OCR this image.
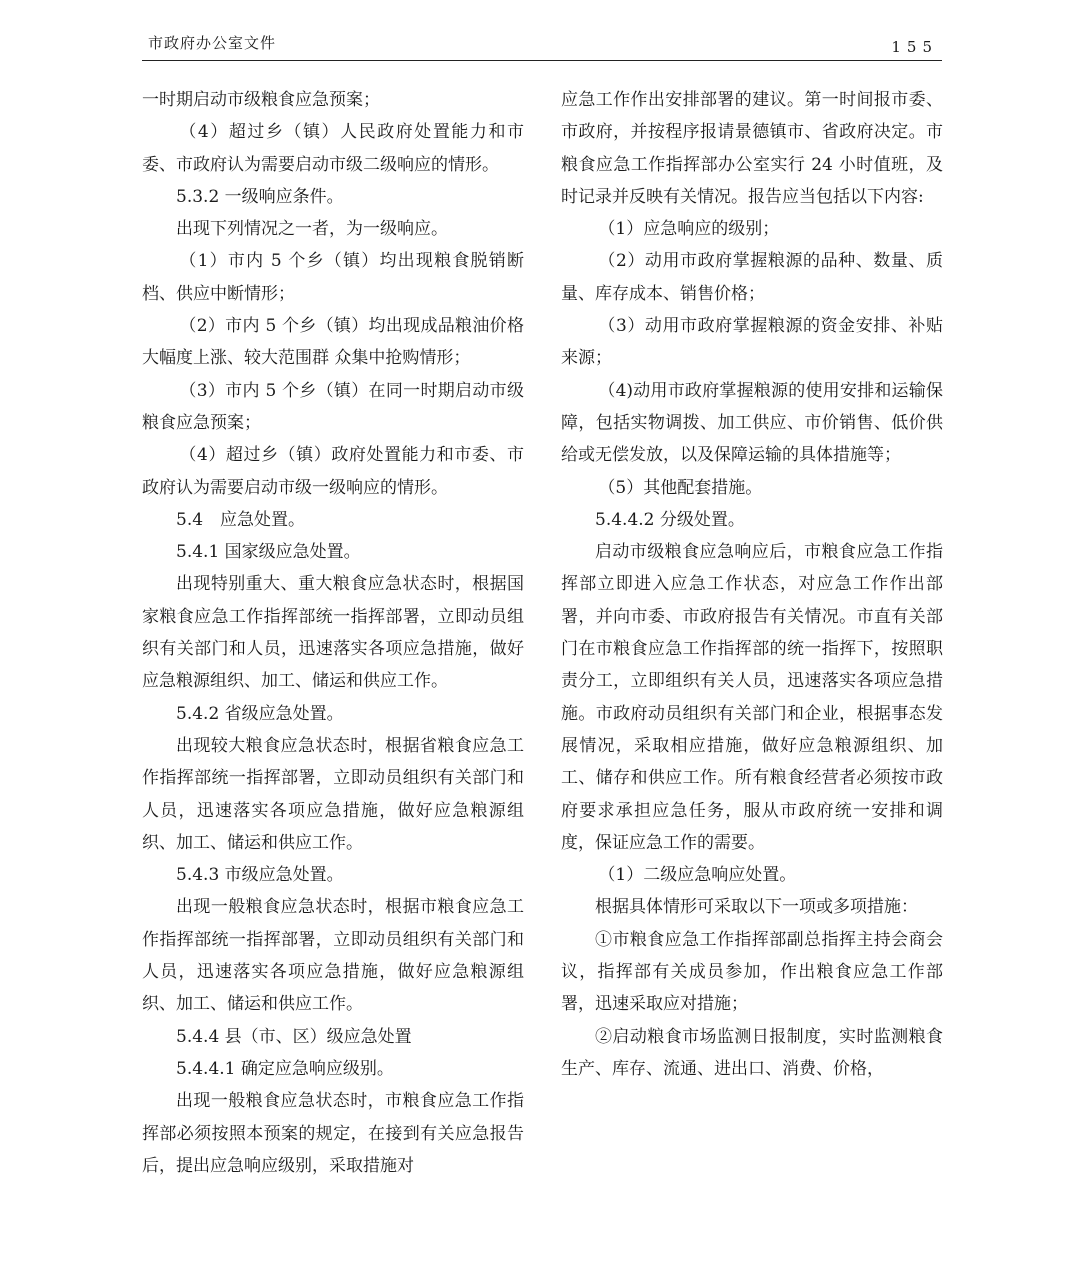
市政府办公室文件	155

一时期启动市级粮食应急预案；

（4）超过乡（镇）人民政府处置能力和市委、市政府认为需要启动市级二级响应的情形。

5.3.2 一级响应条件。

出现下列情况之一者，为一级响应。

（1）市内 5 个乡（镇）均出现粮食脱销断档、供应中断情形；

（2）市内 5 个乡（镇）均出现成品粮油价格大幅度上涨、较大范围群 众集中抢购情形；

（3）市内 5 个乡（镇）在同一时期启动市级粮食应急预案；

（4）超过乡（镇）政府处置能力和市委、市政府认为需要启动市级一级响应的情形。

5.4　应急处置。

5.4.1 国家级应急处置。

出现特别重大、重大粮食应急状态时，根据国家粮食应急工作指挥部统一指挥部署，立即动员组织有关部门和人员，迅速落实各项应急措施，做好应急粮源组织、加工、储运和供应工作。

5.4.2 省级应急处置。

出现较大粮食应急状态时，根据省粮食应急工作指挥部统一指挥部署，立即动员组织有关部门和人员，迅速落实各项应急措施，做好应急粮源组织、加工、储运和供应工作。

5.4.3 市级应急处置。

出现一般粮食应急状态时，根据市粮食应急工作指挥部统一指挥部署，立即动员组织有关部门和人员，迅速落实各项应急措施，做好应急粮源组织、加工、储运和供应工作。

5.4.4 县（市、区）级应急处置

5.4.4.1 确定应急响应级别。

出现一般粮食应急状态时，市粮食应急工作指挥部必须按照本预案的规定，在接到有关应急报告后，提出应急响应级别，采取措施对

应急工作作出安排部署的建议。第一时间报市委、市政府，并按程序报请景德镇市、省政府决定。市粮食应急工作指挥部办公室实行 24 小时值班，及时记录并反映有关情况。报告应当包括以下内容:

（1）应急响应的级别；

（2）动用市政府掌握粮源的品种、数量、质量、库存成本、销售价格；

（3）动用市政府掌握粮源的资金安排、补贴来源；

（4)动用市政府掌握粮源的使用安排和运输保障，包括实物调拨、加工供应、市价销售、低价供给或无偿发放，以及保障运输的具体措施等；

（5）其他配套措施。

5.4.4.2 分级处置。

启动市级粮食应急响应后，市粮食应急工作指挥部立即进入应急工作状态，对应急工作作出部署，并向市委、市政府报告有关情况。市直有关部门在市粮食应急工作指挥部的统一指挥下，按照职责分工，立即组织有关人员，迅速落实各项应急措施。市政府动员组织有关部门和企业，根据事态发展情况，采取相应措施，做好应急粮源组织、加工、储存和供应工作。所有粮食经营者必须按市政府要求承担应急任务，服从市政府统一安排和调度，保证应急工作的需要。

（1）二级应急响应处置。

根据具体情形可采取以下一项或多项措施：

①市粮食应急工作指挥部副总指挥主持会商会议，指挥部有关成员参加，作出粮食应急工作部署，迅速采取应对措施；

②启动粮食市场监测日报制度，实时监测粮食生产、库存、流通、进出口、消费、价格，
